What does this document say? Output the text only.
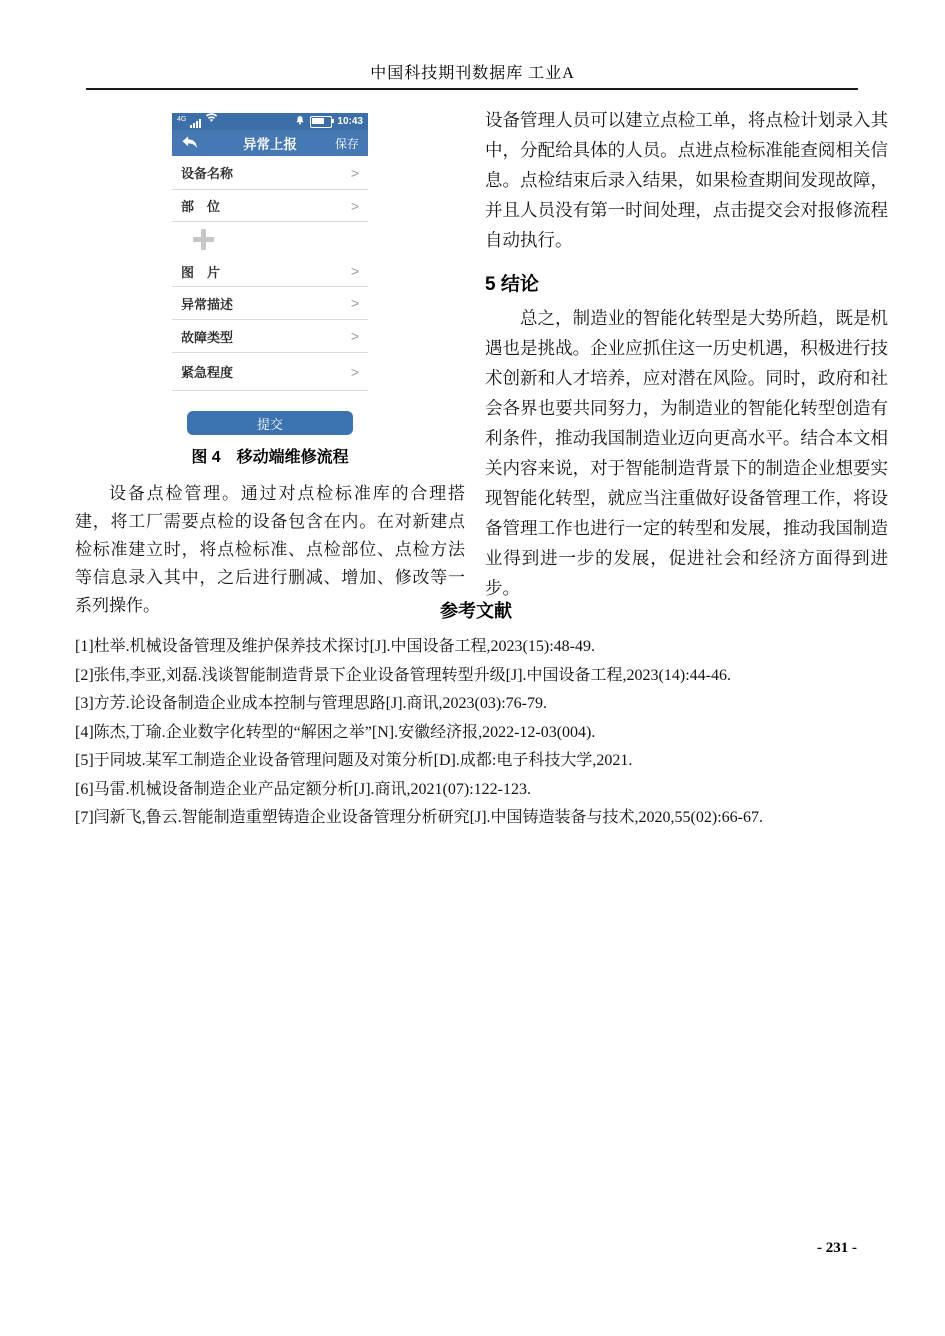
中国科技期刊数据库 工业A
4G	10:43
异常上报	保存
设备名称	>
部　位	>
图　片	>
异常描述	>
故障类型	>
紧急程度	>
提交
图 4　移动端维修流程

设备点检管理。通过对点检标准库的合理搭建，将工厂需要点检的设备包含在内。在对新建点检标准建立时，将点检标准、点检部位、点检方法等信息录入其中，之后进行删减、增加、修改等一系列操作。

设备管理人员可以建立点检工单，将点检计划录入其中，分配给具体的人员。点进点检标准能查阅相关信息。点检结束后录入结果，如果检查期间发现故障，并且人员没有第一时间处理，点击提交会对报修流程自动执行。

5 结论

总之，制造业的智能化转型是大势所趋，既是机遇也是挑战。企业应抓住这一历史机遇，积极进行技术创新和人才培养，应对潜在风险。同时，政府和社会各界也要共同努力，为制造业的智能化转型创造有利条件，推动我国制造业迈向更高水平。结合本文相关内容来说，对于智能制造背景下的制造企业想要实现智能化转型，就应当注重做好设备管理工作，将设备管理工作也进行一定的转型和发展，推动我国制造业得到进一步的发展，促进社会和经济方面得到进步。

参考文献
[1]杜举.机械设备管理及维护保养技术探讨[J].中国设备工程,2023(15):48-49.
[2]张伟,李亚,刘磊.浅谈智能制造背景下企业设备管理转型升级[J].中国设备工程,2023(14):44-46.
[3]方芳.论设备制造企业成本控制与管理思路[J].商讯,2023(03):76-79.
[4]陈杰,丁瑜.企业数字化转型的“解困之举”[N].安徽经济报,2022-12-03(004).
[5]于同坡.某军工制造企业设备管理问题及对策分析[D].成都:电子科技大学,2021.
[6]马雷.机械设备制造企业产品定额分析[J].商讯,2021(07):122-123.
[7]闫新飞,鲁云.智能制造重塑铸造企业设备管理分析研究[J].中国铸造装备与技术,2020,55(02):66-67.
- 231 -
